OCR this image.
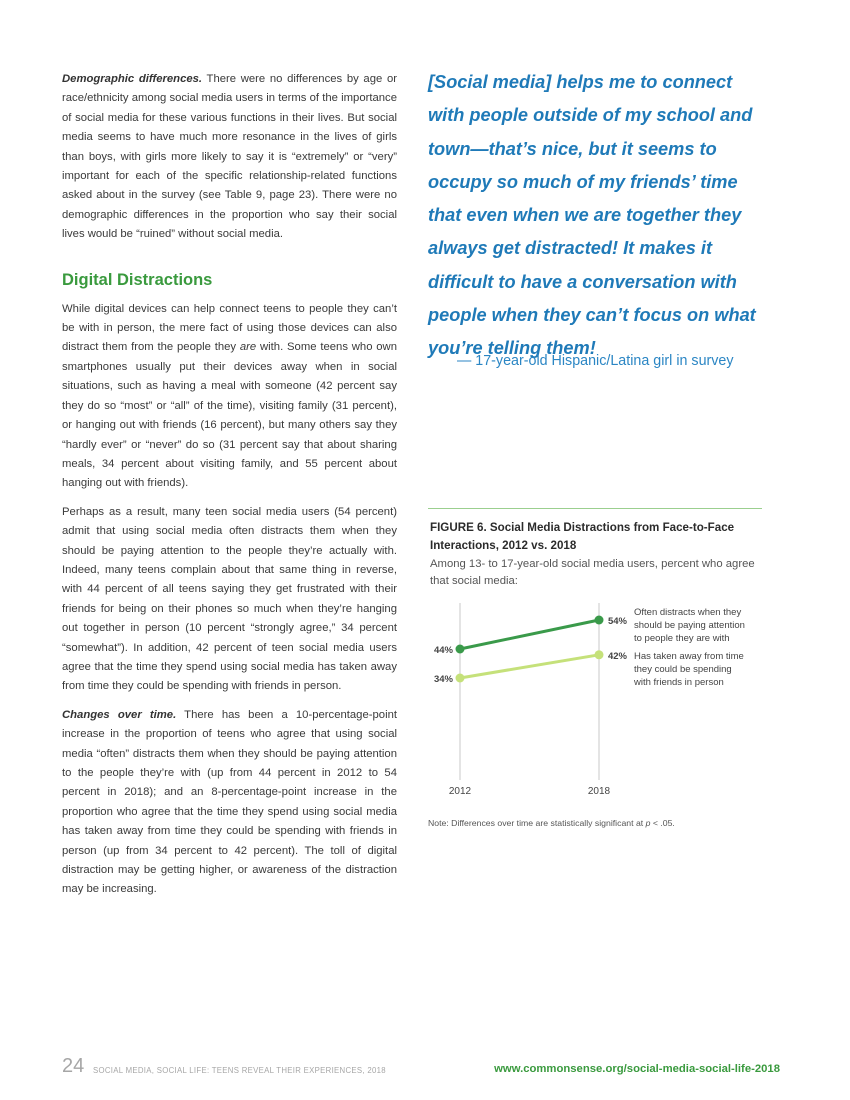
Demographic differences. There were no differences by age or race/ethnicity among social media users in terms of the importance of social media for these various functions in their lives. But social media seems to have much more resonance in the lives of girls than boys, with girls more likely to say it is “extremely” or “very” important for each of the specific relationship-related functions asked about in the survey (see Table 9, page 23). There were no demographic differences in the proportion who say their social lives would be “ruined” without social media.

Digital Distractions

While digital devices can help connect teens to people they can’t be with in person, the mere fact of using those devices can also distract them from the people they are with. Some teens who own smartphones usually put their devices away when in social situations, such as having a meal with someone (42 percent say they do so “most” or “all” of the time), visiting family (31 percent), or hanging out with friends (16 percent), but many others say they “hardly ever” or “never” do so (31 percent say that about sharing meals, 34 percent about visiting family, and 55 percent about hanging out with friends).

Perhaps as a result, many teen social media users (54 percent) admit that using social media often distracts them when they should be paying attention to the people they’re actually with. Indeed, many teens complain about that same thing in reverse, with 44 percent of all teens saying they get frustrated with their friends for being on their phones so much when they’re hanging out together in person (10 percent “strongly agree,” 34 percent “somewhat”). In addition, 42 percent of teen social media users agree that the time they spend using social media has taken away from time they could be spending with friends in person.

Changes over time. There has been a 10-percentage-point increase in the proportion of teens who agree that using social media “often” distracts them when they should be paying attention to the people they’re with (up from 44 percent in 2012 to 54 percent in 2018); and an 8-percentage-point increase in the proportion who agree that the time they spend using social media has taken away from time they could be spending with friends in person (up from 34 percent to 42 percent). The toll of digital distraction may be getting higher, or awareness of the distraction may be increasing.

[Social media] helps me to connect with people outside of my school and town—that’s nice, but it seems to occupy so much of my friends’ time that even when we are together they always get distracted! It makes it difficult to have a conversation with people when they can’t focus on what you’re telling them!

— 17-year-old Hispanic/Latina girl in survey
FIGURE 6. Social Media Distractions from Face-to-Face Interactions, 2012 vs. 2018
Among 13- to 17-year-old social media users, percent who agree that social media:
2012	2018
44%
54%
Often distracts when they
should be paying attention
to people they are with
34%
42% Has taken away from time
they could be spending
with friends in person
Note: Differences over time are statistically significant at p < .05.
24 SOCIAL MEDIA, SOCIAL LIFE: TEENS REVEAL THEIR EXPERIENCES, 2018	www.commonsense.org/social-media-social-life-2018
